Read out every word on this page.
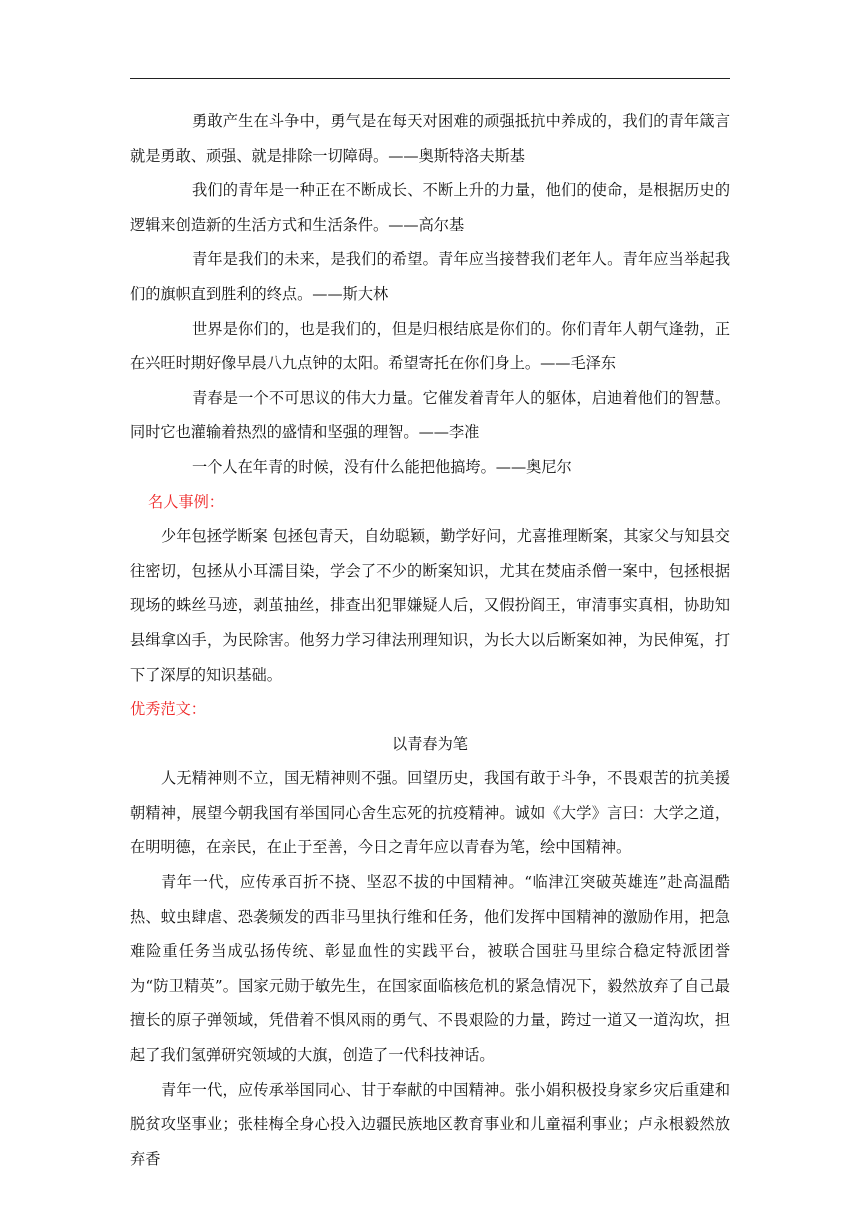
勇敢产生在斗争中，勇气是在每天对困难的顽强抵抗中养成的，我们的青年箴言就是勇敢、顽强、就是排除一切障碍。——奥斯特洛夫斯基

我们的青年是一种正在不断成长、不断上升的力量，他们的使命，是根据历史的逻辑来创造新的生活方式和生活条件。——高尔基

青年是我们的未来，是我们的希望。青年应当接替我们老年人。青年应当举起我们的旗帜直到胜利的终点。——斯大林

世界是你们的，也是我们的，但是归根结底是你们的。你们青年人朝气逢勃，正在兴旺时期好像早晨八九点钟的太阳。希望寄托在你们身上。——毛泽东

青春是一个不可思议的伟大力量。它催发着青年人的躯体，启迪着他们的智慧。同时它也灌输着热烈的盛情和坚强的理智。——李准

一个人在年青的时候，没有什么能把他搞垮。——奥尼尔

名人事例：

少年包拯学断案 包拯包青天，自幼聪颖，勤学好问，尤喜推理断案，其家父与知县交往密切，包拯从小耳濡目染，学会了不少的断案知识，尤其在焚庙杀僧一案中，包拯根据现场的蛛丝马迹，剥茧抽丝，排查出犯罪嫌疑人后，又假扮阎王，审清事实真相，协助知县缉拿凶手，为民除害。他努力学习律法刑理知识，为长大以后断案如神，为民伸冤，打下了深厚的知识基础。

优秀范文：

以青春为笔

人无精神则不立，国无精神则不强。回望历史，我国有敢于斗争，不畏艰苦的抗美援朝精神，展望今朝我国有举国同心舍生忘死的抗疫精神。诚如《大学》言曰：大学之道，在明明德，在亲民，在止于至善，今日之青年应以青春为笔，绘中国精神。

青年一代，应传承百折不挠、坚忍不拔的中国精神。“临津江突破英雄连”赴高温酷热、蚊虫肆虐、恐袭频发的西非马里执行维和任务，他们发挥中国精神的激励作用，把急难险重任务当成弘扬传统、彰显血性的实践平台，被联合国驻马里综合稳定特派团誉为“防卫精英”。国家元勋于敏先生，在国家面临核危机的紧急情况下，毅然放弃了自己最擅长的原子弹领域，凭借着不惧风雨的勇气、不畏艰险的力量，跨过一道又一道沟坎，担起了我们氢弹研究领域的大旗，创造了一代科技神话。

青年一代，应传承举国同心、甘于奉献的中国精神。张小娟积极投身家乡灾后重建和脱贫攻坚事业；张桂梅全身心投入边疆民族地区教育事业和儿童福利事业；卢永根毅然放弃香
